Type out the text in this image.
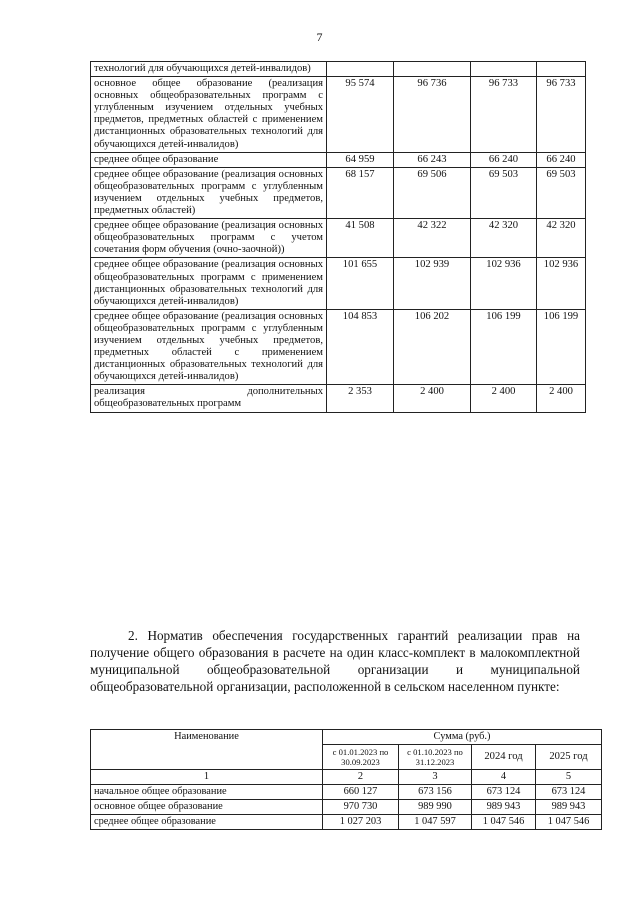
7
технологий для обучающихся детей-инвалидов)				
основное общее образование (реализация основных общеобразовательных программ с углубленным изучением отдельных учебных предметов, предметных областей с применением дистанционных образовательных технологий для обучающихся детей-инвалидов)	95 574	96 736	96 733	96 733
среднее общее образование	64 959	66 243	66 240	66 240
среднее общее образование (реализация основных общеобразовательных программ с углубленным изучением отдельных учебных предметов, предметных областей)	68 157	69 506	69 503	69 503
среднее общее образование (реализация основных общеобразовательных программ с учетом сочетания форм обучения (очно-заочной))	41 508	42 322	42 320	42 320
среднее общее образование (реализация основных общеобразовательных программ с применением дистанционных образовательных технологий для обучающихся детей-инвалидов)	101 655	102 939	102 936	102 936
среднее общее образование (реализация основных общеобразовательных программ с углубленным изучением отдельных учебных предметов, предметных областей с применением дистанционных образовательных технологий для обучающихся детей-инвалидов)	104 853	106 202	106 199	106 199
реализация дополнительных общеобразовательных программ	2 353	2 400	2 400	2 400

2. Норматив обеспечения государственных гарантий реализации прав на получение общего образования в расчете на один класс-комплект в малокомплектной муниципальной общеобразовательной организации и муниципальной общеобразовательной организации, расположенной в сельском населенном пункте:

Наименование	Сумма (руб.)			
	с 01.01.2023 по 30.09.2023	с 01.10.2023 по 31.12.2023	2024 год	2025 год
1	2	3	4	5
начальное общее образование	660 127	673 156	673 124	673 124
основное общее образование	970 730	989 990	989 943	989 943
среднее общее образование	1 027 203	1 047 597	1 047 546	1 047 546
